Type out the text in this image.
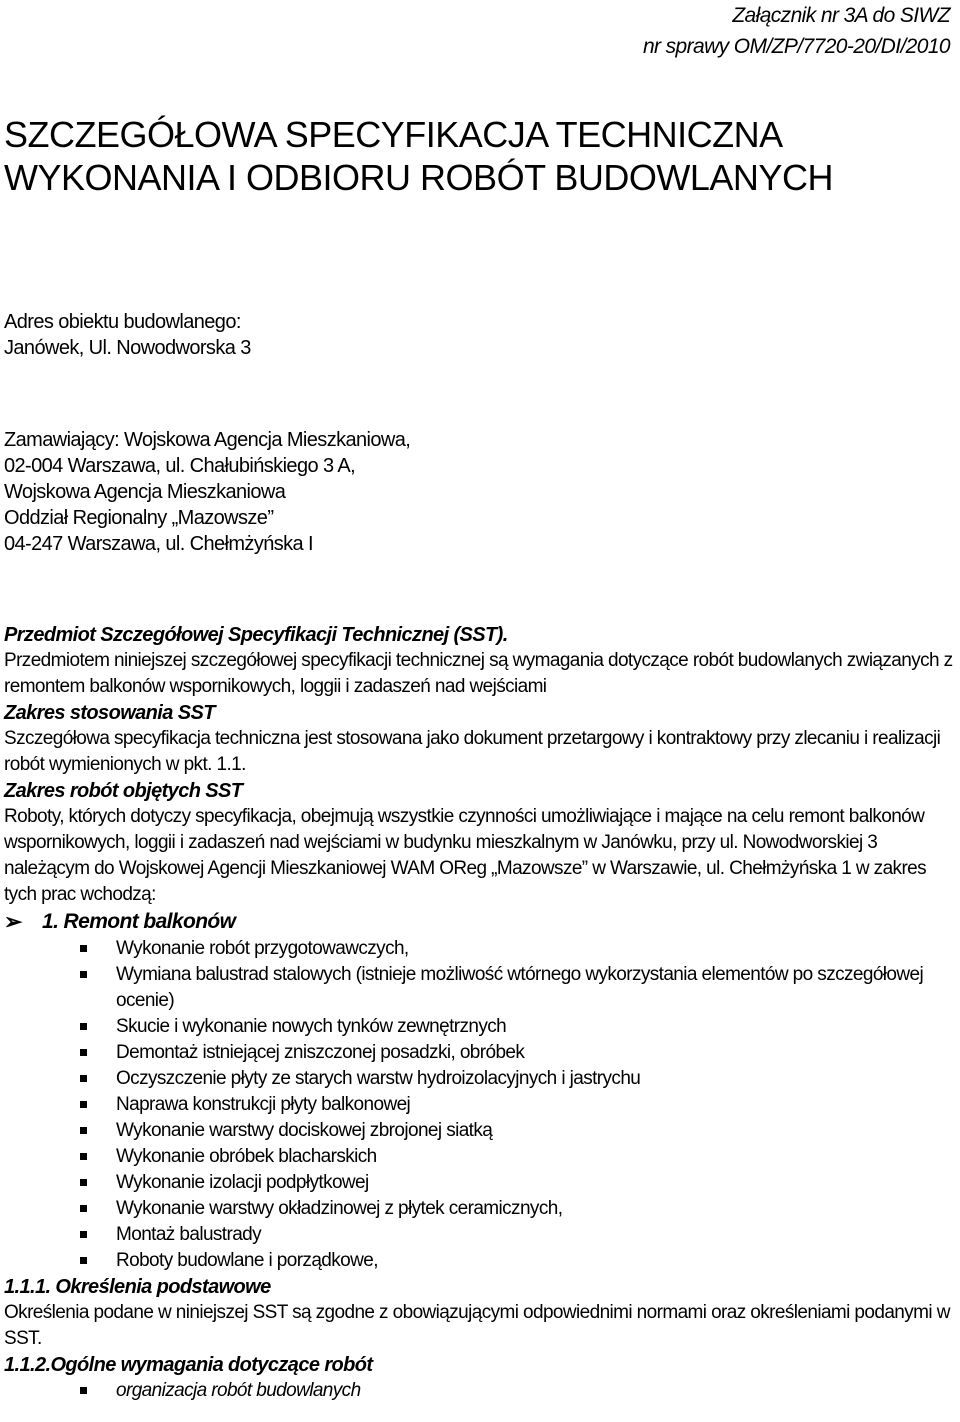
Załącznik nr 3A do SIWZ
nr sprawy OM/ZP/7720-20/DI/2010
SZCZEGÓŁOWA SPECYFIKACJA TECHNICZNA
WYKONANIA I ODBIORU ROBÓT BUDOWLANYCH
Adres obiektu budowlanego:
Janówek, Ul. Nowodworska 3
Zamawiający: Wojskowa Agencja Mieszkaniowa,
02-004 Warszawa, ul. Chałubińskiego 3 A,
Wojskowa Agencja Mieszkaniowa
Oddział Regionalny „Mazowsze”
04-247 Warszawa, ul. Chełmżyńska I
Przedmiot Szczegółowej Specyfikacji Technicznej (SST).
Przedmiotem niniejszej szczegółowej specyfikacji technicznej są wymagania dotyczące robót budowlanych związanych z remontem balkonów wspornikowych, loggii i zadaszeń nad wejściami
Zakres stosowania SST
Szczegółowa specyfikacja techniczna jest stosowana jako dokument przetargowy i kontraktowy przy zlecaniu i realizacji robót wymienionych w pkt. 1.1.
Zakres robót objętych SST
Roboty, których dotyczy specyfikacja, obejmują wszystkie czynności umożliwiające i mające na celu remont balkonów wspornikowych, loggii i zadaszeń nad wejściami w budynku mieszkalnym w Janówku, przy ul. Nowodworskiej 3 należącym do Wojskowej Agencji Mieszkaniowej WAM OReg „Mazowsze” w Warszawie, ul. Chełmżyńska 1 w zakres tych prac wchodzą:
➢ 1. Remont balkonów
Wykonanie robót przygotowawczych,
Wymiana balustrad stalowych (istnieje możliwość wtórnego wykorzystania elementów po szczegółowej ocenie)
Skucie i wykonanie nowych tynków zewnętrznych
Demontaż istniejącej zniszczonej posadzki, obróbek
Oczyszczenie płyty ze starych warstw hydroizolacyjnych i jastrychu
Naprawa konstrukcji płyty balkonowej
Wykonanie warstwy dociskowej zbrojonej siatką
Wykonanie obróbek blacharskich
Wykonanie izolacji podpłytkowej
Wykonanie warstwy okładzinowej z płytek ceramicznych,
Montaż balustrady
Roboty budowlane i porządkowe,
1.1.1. Określenia podstawowe
Określenia podane w niniejszej SST są zgodne z obowiązującymi odpowiednimi normami oraz określeniami podanymi w SST.
1.1.2.Ogólne wymagania dotyczące robót
organizacja robót budowlanych
